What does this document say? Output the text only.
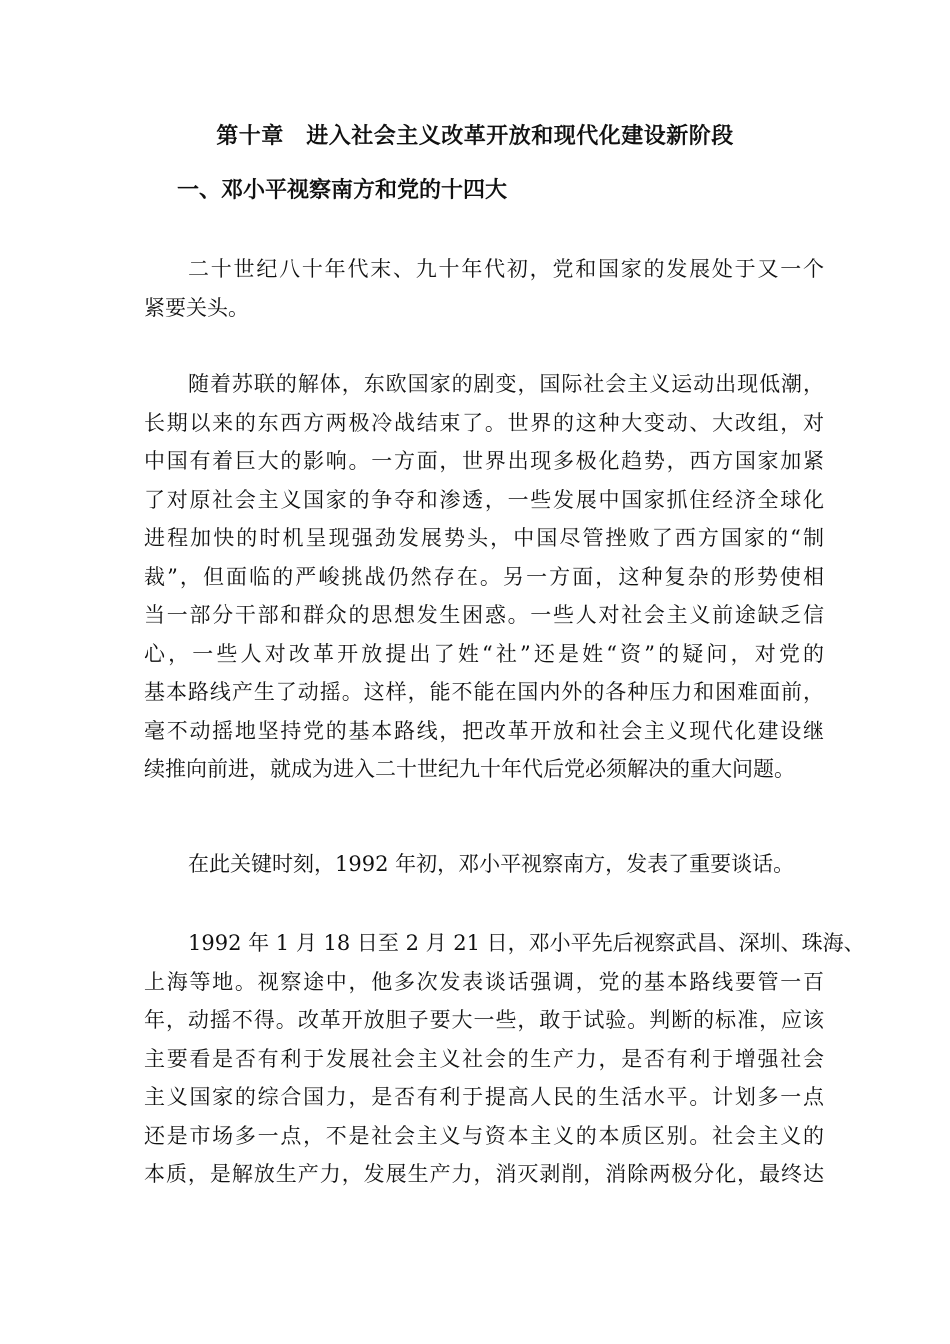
第十章　进入社会主义改革开放和现代化建设新阶段
一、邓小平视察南方和党的十四大
二十世纪八十年代末、九十年代初，党和国家的发展处于又一个
紧要关头。
随着苏联的解体，东欧国家的剧变，国际社会主义运动出现低潮，
长期以来的东西方两极冷战结束了。世界的这种大变动、大改组，对
中国有着巨大的影响。一方面，世界出现多极化趋势，西方国家加紧
了对原社会主义国家的争夺和渗透，一些发展中国家抓住经济全球化
进程加快的时机呈现强劲发展势头，中国尽管挫败了西方国家的“制
裁”，但面临的严峻挑战仍然存在。另一方面，这种复杂的形势使相
当一部分干部和群众的思想发生困惑。一些人对社会主义前途缺乏信
心，一些人对改革开放提出了姓“社”还是姓“资”的疑问，对党的
基本路线产生了动摇。这样，能不能在国内外的各种压力和困难面前，
毫不动摇地坚持党的基本路线，把改革开放和社会主义现代化建设继
续推向前进，就成为进入二十世纪九十年代后党必须解决的重大问题。
在此关键时刻，1992 年初，邓小平视察南方，发表了重要谈话。
1992 年 1 月 18 日至 2 月 21 日，邓小平先后视察武昌、深圳、珠海、
上海等地。视察途中，他多次发表谈话强调，党的基本路线要管一百
年，动摇不得。改革开放胆子要大一些，敢于试验。判断的标准，应该
主要看是否有利于发展社会主义社会的生产力，是否有利于增强社会
主义国家的综合国力，是否有利于提高人民的生活水平。计划多一点
还是市场多一点，不是社会主义与资本主义的本质区别。社会主义的
本质，是解放生产力，发展生产力，消灭剥削，消除两极分化，最终达
